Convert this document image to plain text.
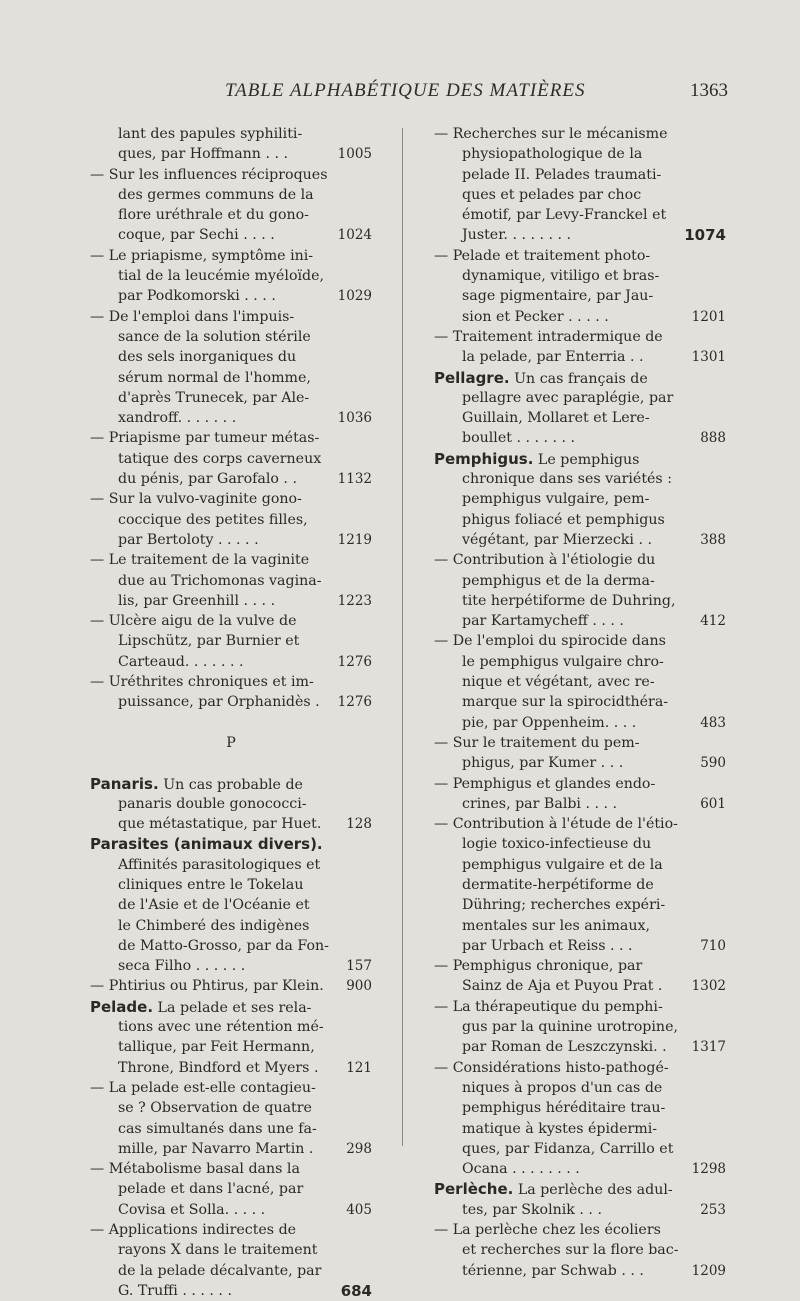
TABLE ALPHABÉTIQUE DES MATIÈRES	1363
lant des papules syphiliti-
ques, par Hoffmann . . .	1005
— Sur les influences réciproques
des germes communs de la
flore uréthrale et du gono-
coque, par Sechi . . . .	1024
— Le priapisme, symptôme ini-
tial de la leucémie myéloïde,
par Podkomorski . . . .	1029
— De l'emploi dans l'impuis-
sance de la solution stérile
des sels inorganiques du
sérum normal de l'homme,
d'après Trunecek, par Ale-
xandroff. . . . . . .	1036
— Priapisme par tumeur métas-
tatique des corps caverneux
du pénis, par Garofalo . .	1132
— Sur la vulvo-vaginite gono-
coccique des petites filles,
par Bertoloty . . . . .	1219
— Le traitement de la vaginite
due au Trichomonas vagina-
lis, par Greenhill . . . .	1223
— Ulcère aigu de la vulve de
Lipschütz, par Burnier et
Carteaud. . . . . . .	1276
— Uréthrites chroniques et im-
puissance, par Orphanidès . 1276
P
Panaris. Un cas probable de
panaris double gonococci-
que métastatique, par Huet. 128
Parasites (animaux divers).
Affinités parasitologiques et
cliniques entre le Tokelau
de l'Asie et de l'Océanie et
le Chimberé des indigènes
de Matto-Grosso, par da Fon-
seca Filho . . . . . .	157
— Phtirius ou Phtirus, par Klein. 900
Pelade. La pelade et ses rela-
tions avec une rétention mé-
tallique, par Feit Hermann,
Throne, Bindford et Myers . 121
— La pelade est-elle contagieu-
se ? Observation de quatre
cas simultanés dans une fa-
mille, par Navarro Martin . 298
— Métabolisme basal dans la
pelade et dans l'acné, par
Covisa et Solla. . . . .	405
— Applications indirectes de
rayons X dans le traitement
de la pelade décalvante, par
G. Truffi . . . . . .	684
— Recherches sur le mécanisme
physiopathologique de la
pelade II. Pelades traumati-
ques et pelades par choc
émotif, par Levy-Franckel et
Juster. . . . . . . .	1074
— Pelade et traitement photo-
dynamique, vitiligo et bras-
sage pigmentaire, par Jau-
sion et Pecker . . . . .	1201
— Traitement intradermique de
la pelade, par Enterria . .	1301
Pellagre. Un cas français de
pellagre avec paraplégie, par
Guillain, Mollaret et Lere-
boullet . . . . . . .	888
Pemphigus. Le pemphigus
chronique dans ses variétés :
pemphigus vulgaire, pem-
phigus foliacé et pemphigus
végétant, par Mierzecki . .	388
— Contribution à l'étiologie du
pemphigus et de la derma-
tite herpétiforme de Duhring,
par Kartamycheff . . . .	412
— De l'emploi du spirocide dans
le pemphigus vulgaire chro-
nique et végétant, avec re-
marque sur la spirocidthéra-
pie, par Oppenheim. . . .	483
— Sur le traitement du pem-
phigus, par Kumer . . .	590
— Pemphigus et glandes endo-
crines, par Balbi . . . .	601
— Contribution à l'étude de l'étio-
logie toxico-infectieuse du
pemphigus vulgaire et de la
dermatite-herpétiforme de
Dühring; recherches expéri-
mentales sur les animaux,
par Urbach et Reiss . . .	710
— Pemphigus chronique, par
Sainz de Aja et Puyou Prat . 1302
— La thérapeutique du pemphi-
gus par la quinine urotropine,
par Roman de Leszczynski. . 1317
— Considérations histo-pathogé-
niques à propos d'un cas de
pemphigus héréditaire trau-
matique à kystes épidermi-
ques, par Fidanza, Carrillo et
Ocana . . . . . . . .	1298
Perlèche. La perlèche des adul-
tes, par Skolnik . . .	253
— La perlèche chez les écoliers
et recherches sur la flore bac-
térienne, par Schwab . . .	1209
